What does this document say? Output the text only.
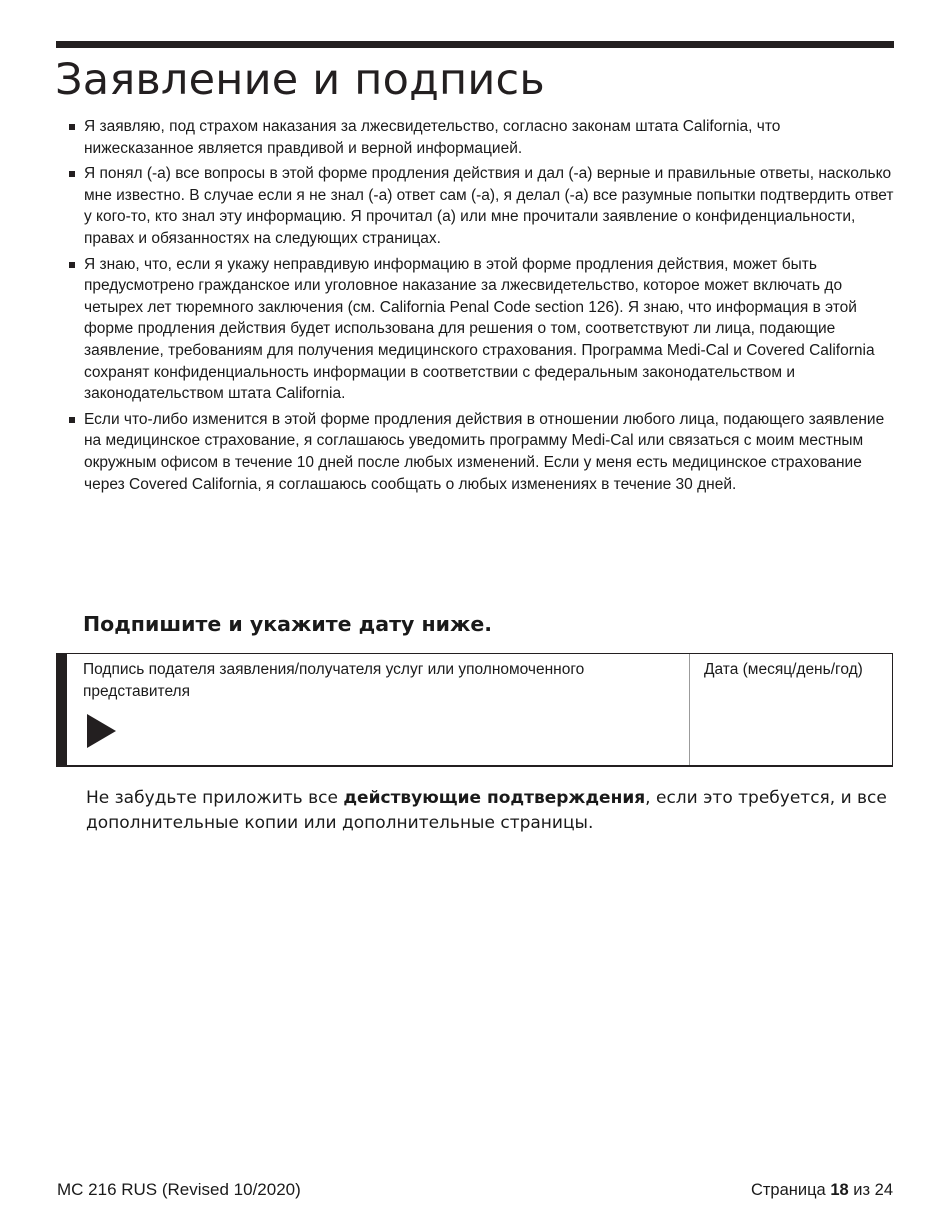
Заявление и подпись
Я заявляю, под страхом наказания за лжесвидетельство, согласно законам штата California, что нижесказанное является правдивой и верной информацией.
Я понял (-а) все вопросы в этой форме продления действия и дал (-а) верные и правильные ответы, насколько мне известно. В случае если я не знал (-а) ответ сам (-а), я делал (-а) все разумные попытки подтвердить ответ у кого-то, кто знал эту информацию. Я прочитал (а) или мне прочитали заявление о конфиденциальности, правах и обязанностях на следующих страницах.
Я знаю, что, если я укажу неправдивую информацию в этой форме продления действия, может быть предусмотрено гражданское или уголовное наказание за лжесвидетельство, которое может включать до четырех лет тюремного заключения (см. California Penal Code section 126). Я знаю, что информация в этой форме продления действия будет использована для решения о том, соответствуют ли лица, подающие заявление, требованиям для получения медицинского страхования. Программа Medi-Cal и Covered California сохранят конфиденциальность информации в соответствии с федеральным законодательством и законодательством штата California.
Если что-либо изменится в этой форме продления действия в отношении любого лица, подающего заявление на медицинское страхование, я соглашаюсь уведомить программу Medi-Cal или связаться с моим местным окружным офисом в течение 10 дней после любых изменений. Если у меня есть медицинское страхование через Covered California, я соглашаюсь сообщать о любых изменениях в течение 30 дней.
Подпишите и укажите дату ниже.
Подпись подателя заявления/получателя услуг или уполномоченного представителя
Дата (месяц/день/год)

Не забудьте приложить все действующие подтверждения, если это требуется, и все дополнительные копии или дополнительные страницы.

MC 216 RUS (Revised 10/2020)	Страница 18 из 24
